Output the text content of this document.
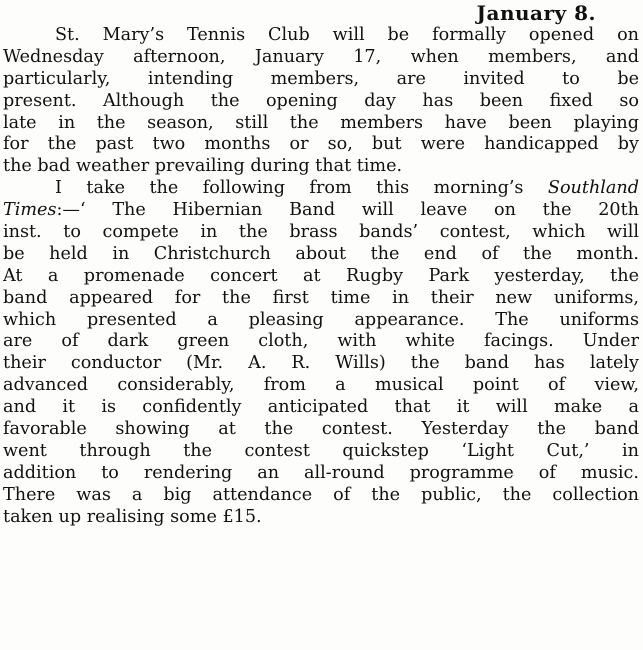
January 8.
St. Mary’s Tennis Club will be formally opened on
Wednesday afternoon, January 17, when members, and
particularly, intending members, are invited to be
present. Although the opening day has been fixed so
late in the season, still the members have been playing
for the past two months or so, but were handicapped by
the bad weather prevailing during that time.
I take the following from this morning’s Southland
Times:—‘ The Hibernian Band will leave on the 20th
inst. to compete in the brass bands’ contest, which will
be held in Christchurch about the end of the month.
At a promenade concert at Rugby Park yesterday, the
band appeared for the first time in their new uniforms,
which presented a pleasing appearance. The uniforms
are of dark green cloth, with white facings. Under
their conductor (Mr. A. R. Wills) the band has lately
advanced considerably, from a musical point of view,
and it is confidently anticipated that it will make a
favorable showing at the contest. Yesterday the band
went through the contest quickstep ‘Light Cut,’ in
addition to rendering an all-round programme of music.
There was a big attendance of the public, the collection
taken up realising some £15.
